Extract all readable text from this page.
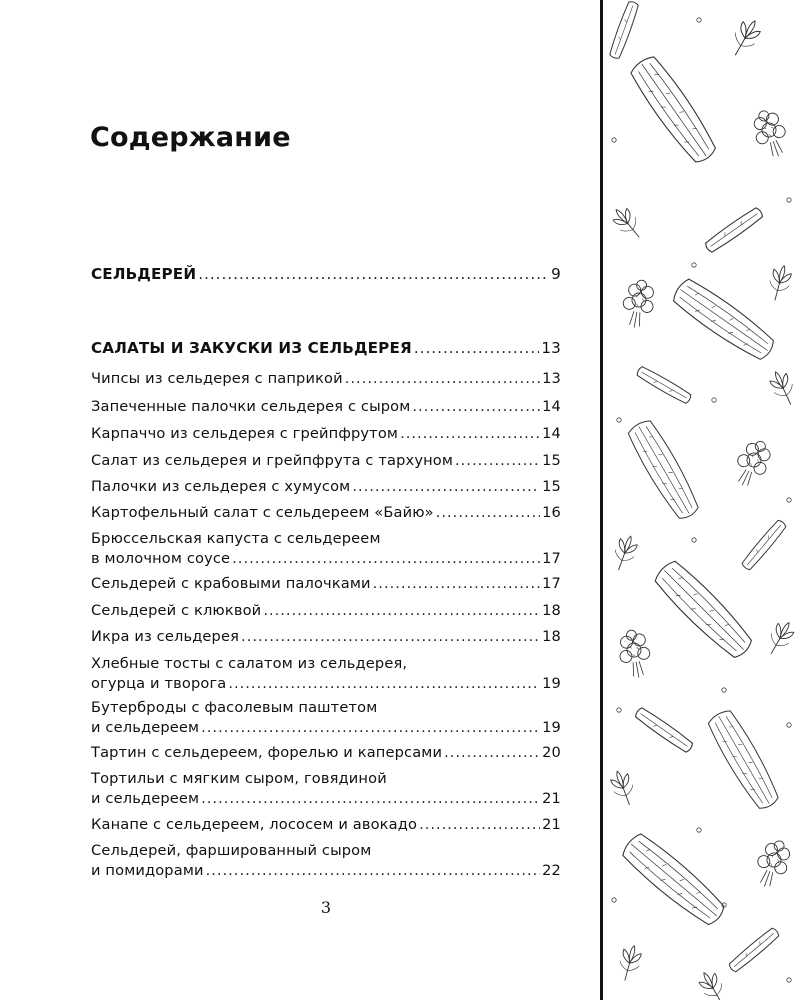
Содержание
СЕЛЬДЕРЕЙ .....	9
САЛАТЫ И ЗАКУСКИ ИЗ СЕЛЬДЕРЕЯ .....	13
Чипсы из сельдерея с паприкой .....	13
Запеченные палочки сельдерея с сыром .....	14
Карпаччо из сельдерея с грейпфрутом .....	14
Салат из сельдерея и грейпфрута с тархуном .....	15
Палочки из сельдерея с хумусом .....	15
Картофельный салат с сельдереем «Байю» .....	16
Брюссельская капуста с сельдереем
в молочном соусе .....	17
Сельдерей с крабовыми палочками .....	17
Сельдерей с клюквой .....	18
Икра из сельдерея .....	18
Хлебные тосты с салатом из сельдерея,
огурца и творога .....	19
Бутерброды с фасолевым паштетом
и сельдереем .....	19
Тартин с сельдереем, форелью и каперсами .....	20
Тортильи с мягким сыром, говядиной
и сельдереем .....	21
Канапе с сельдереем, лососем и авокадо .....	21
Сельдерей, фаршированный сыром
и помидорами .....	22
3
